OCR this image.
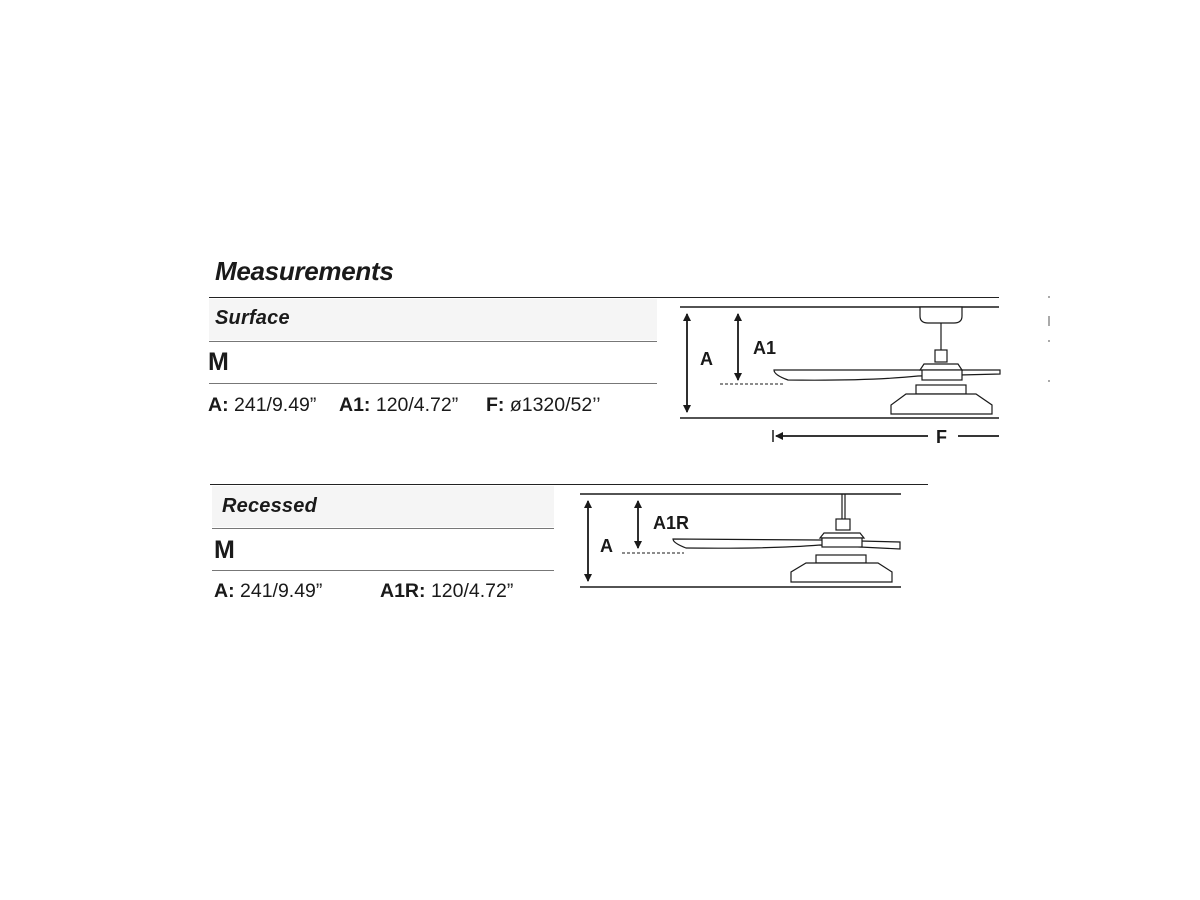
Measurements
Surface
M
A: 241/9.49” A1: 120/4.72” F: ø1320/52’’
A
A1
F
Recessed
M
A: 241/9.49”	A1R: 120/4.72”
A
A1R
